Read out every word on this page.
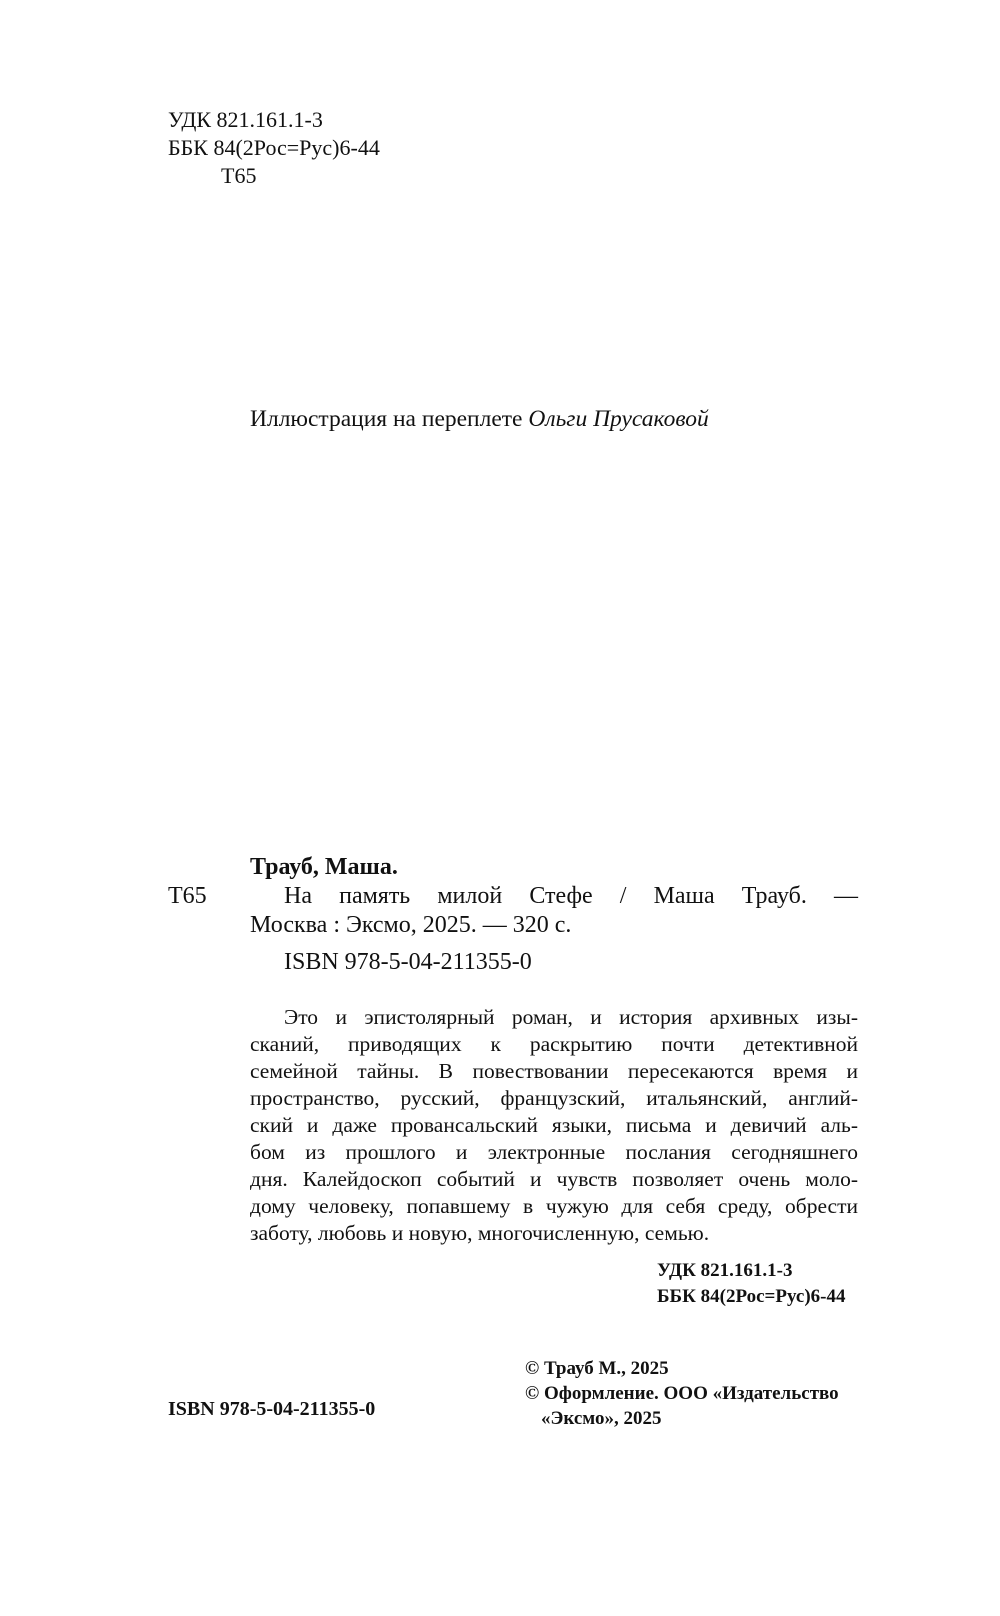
УДК 821.161.1-3
ББК 84(2Рос=Рус)6-44
Т65
Иллюстрация на переплете Ольги Прусаковой
Т65
Трауб, Маша.
На память милой Стефе / Маша Трауб. —
Москва : Эксмо, 2025. — 320 с.
ISBN 978-5-04-211355-0
Это и эпистолярный роман, и история архивных изы-
сканий, приводящих к раскрытию почти детективной
семейной тайны. В повествовании пересекаются время и
пространство, русский, французский, итальянский, англий-
ский и даже провансальский языки, письма и девичий аль-
бом из прошлого и электронные послания сегодняшнего
дня. Калейдоскоп событий и чувств позволяет очень моло-
дому человеку, попавшему в чужую для себя среду, обрести
заботу, любовь и новую, многочисленную, семью.
УДК 821.161.1-3
ББК 84(2Рос=Рус)6-44
© Трауб М., 2025
© Оформление. ООО «Издательство
«Эксмо», 2025
ISBN 978-5-04-211355-0
